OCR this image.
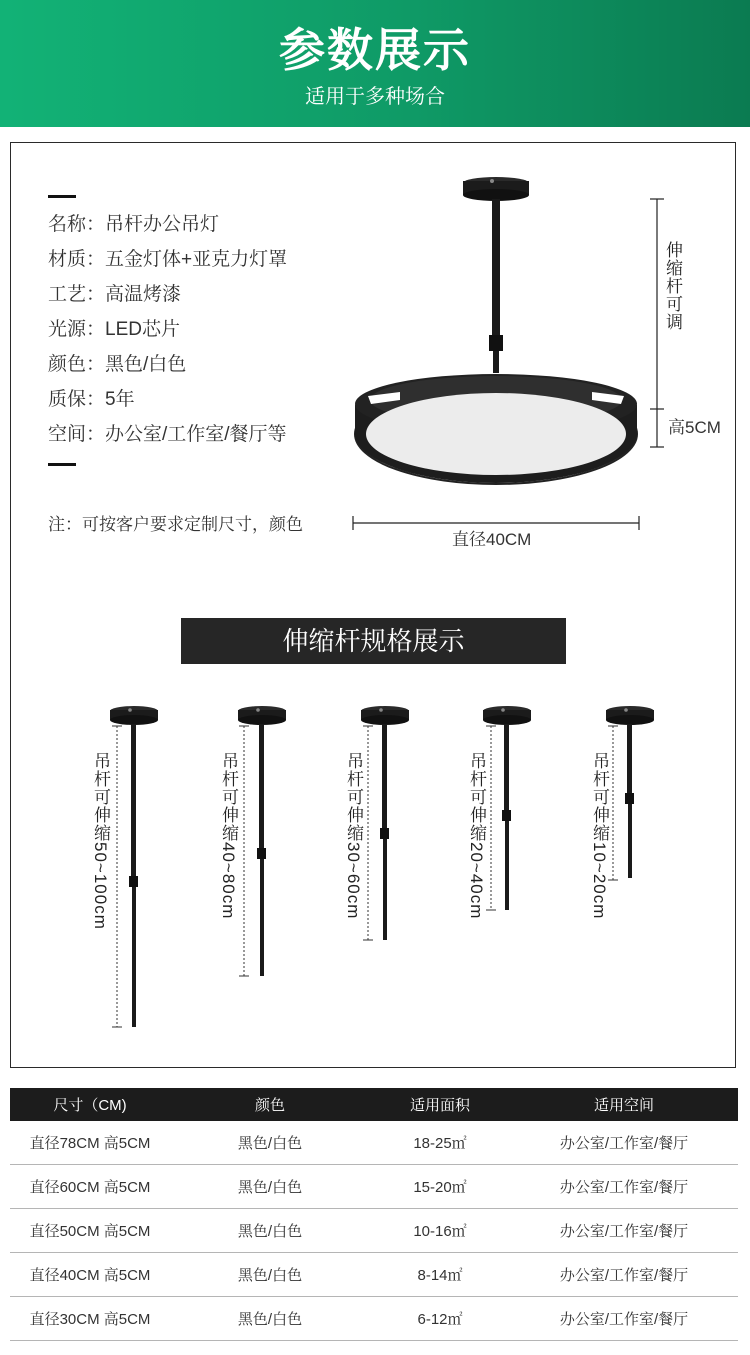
参数展示
适用于多种场合
名称：吊杆办公吊灯
材质：五金灯体+亚克力灯罩
工艺：高温烤漆
光源：LED芯片
颜色：黑色/白色
质保：5年
空间：办公室/工作室/餐厅等
注：可按客户要求定制尺寸，颜色
伸缩杆可调
高5CM
直径40CM
伸缩杆规格展示
吊杆可伸缩50~100cm	吊杆可伸缩40~80cm	吊杆可伸缩30~60cm	吊杆可伸缩20~40cm	吊杆可伸缩10~20cm
尺寸（CM)	颜色	适用面积	适用空间
直径78CM 高5CM	黑色/白色	18-25㎡	办公室/工作室/餐厅
直径60CM 高5CM	黑色/白色	15-20㎡	办公室/工作室/餐厅
直径50CM 高5CM	黑色/白色	10-16㎡	办公室/工作室/餐厅
直径40CM 高5CM	黑色/白色	8-14㎡	办公室/工作室/餐厅
直径30CM 高5CM	黑色/白色	6-12㎡	办公室/工作室/餐厅
